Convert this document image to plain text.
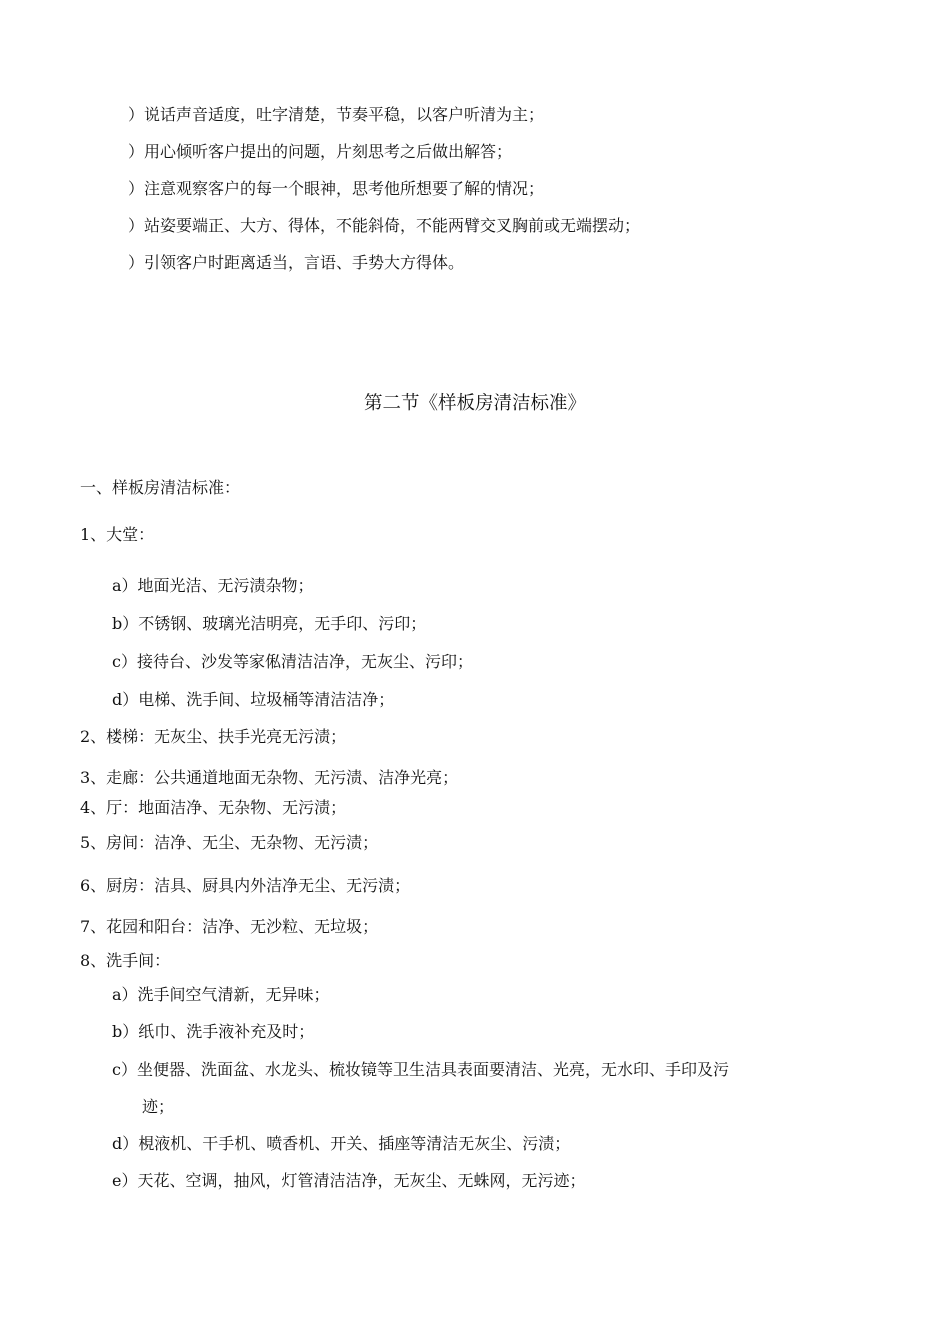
）说话声音适度，吐字清楚，节奏平稳，以客户听清为主；
）用心倾听客户提出的问题，片刻思考之后做出解答；
）注意观察客户的每一个眼神，思考他所想要了解的情况；
）站姿要端正、大方、得体，不能斜倚，不能两臂交叉胸前或无端摆动；
）引领客户时距离适当，言语、手势大方得体。
第二节《样板房清洁标准》
一、样板房清洁标准：
1、大堂：
a）地面光洁、无污渍杂物；
b）不锈钢、玻璃光洁明亮，无手印、污印；
c）接待台、沙发等家俬清洁洁净，无灰尘、污印；
d）电梯、洗手间、垃圾桶等清洁洁净；
2、楼梯：无灰尘、扶手光亮无污渍；
3、走廊：公共通道地面无杂物、无污渍、洁净光亮；
4、厅：地面洁净、无杂物、无污渍；
5、房间：洁净、无尘、无杂物、无污渍；
6、厨房：洁具、厨具内外洁净无尘、无污渍；
7、花园和阳台：洁净、无沙粒、无垃圾；
8、洗手间：
a）洗手间空气清新，无异味；
b）纸巾、洗手液补充及时；
c）坐便器、洗面盆、水龙头、梳妆镜等卫生洁具表面要清洁、光亮，无水印、手印及污
迹；
d）梘液机、干手机、喷香机、开关、插座等清洁无灰尘、污渍；
e）天花、空调，抽风，灯管清洁洁净，无灰尘、无蛛网，无污迹；
